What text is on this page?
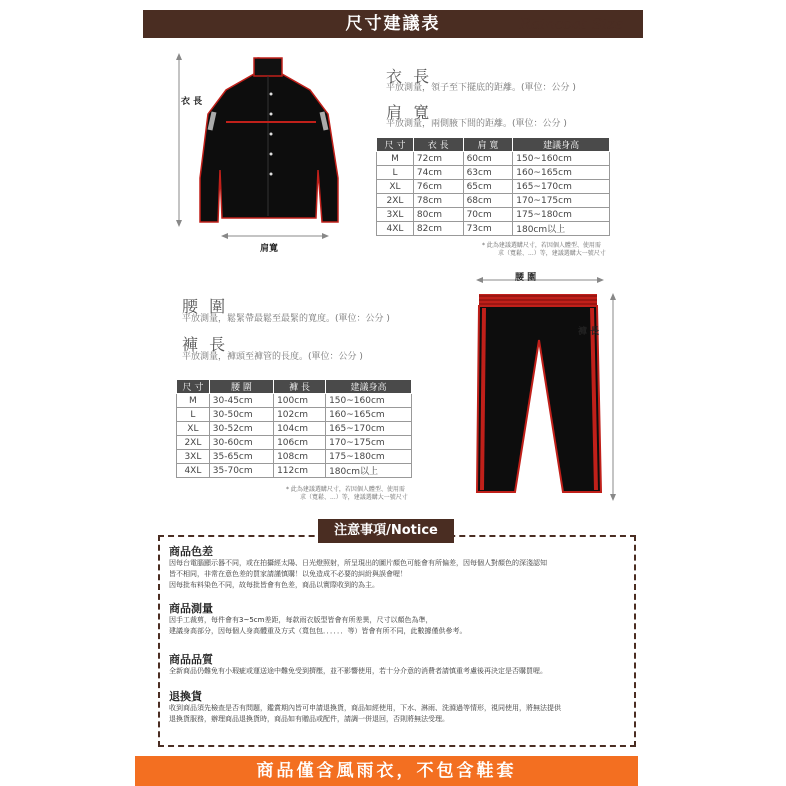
尺寸建議表	Raincoat Size
衣 長
肩寬
衣 長
平放測量，領子至下擺底的距離。(單位：公分 )
肩 寬
平放測量，兩側腋下間的距離。(單位：公分 )
尺 寸	衣 長	肩 寬	建議身高
M	72cm	60cm	150~160cm
L	74cm	63cm	160~165cm
XL	76cm	65cm	165~170cm
2XL	78cm	68cm	170~175cm
3XL	80cm	70cm	175~180cm
4XL	82cm	73cm	180cm以上
* 此為建議選購尺寸，若因個人體型、使用需
求（寬鬆、...）等，建議選購大一號尺寸
腰 圍
平放測量，鬆緊帶最鬆至最緊的寬度。(單位：公分 )
褲 長
平放測量，褲頭至褲管的長度。(單位：公分 )
尺 寸	腰 圍	褲 長	建議身高
M	30-45cm	100cm	150~160cm
L	30-50cm	102cm	160~165cm
XL	30-52cm	104cm	165~170cm
2XL	30-60cm	106cm	170~175cm
3XL	35-65cm	108cm	175~180cm
4XL	35-70cm	112cm	180cm以上
* 此為建議選購尺寸，若因個人體型、使用需
求（寬鬆、...）等，建議選購大一號尺寸
腰 圍
褲 長
注意事項/Notice
商品色差
因每台電腦顯示器不同，或在拍攝經太陽、日光燈照射，所呈現出的圖片顏色可能會有所偏差，因每個人對顏色的深淺認知
皆不相同，非常在意色差的買家請謹慎購！以免造成不必要的糾紛與誤會喔！
因每批布料染色不同，故每批皆會有色差，商品以實際收到的為主。
商品測量
因手工裁剪，每件會有3~5cm差距，每款雨衣版型皆會有所差異，尺寸以顏色為準，
建議身高部分，因每個人身高體重及方式（寬包包．．．．．．等）皆會有所不同，此數據僅供參考。
商品品質
全新商品仍難免有小瑕疵或運送途中難免受到擠壓，並不影響使用，若十分介意的消費者請慎重考慮後再決定是否購買喔。
退換貨
收到商品須先檢查是否有問題，鑑賞期內皆可申請退換貨，商品如經使用，下水、淋雨、洗滌過等情形，視同使用，將無法提供
退換貨服務，辦理商品退換貨時，商品如有贈品或配件，請調一併退回，否則將無法受理。
商品僅含風雨衣，不包含鞋套
